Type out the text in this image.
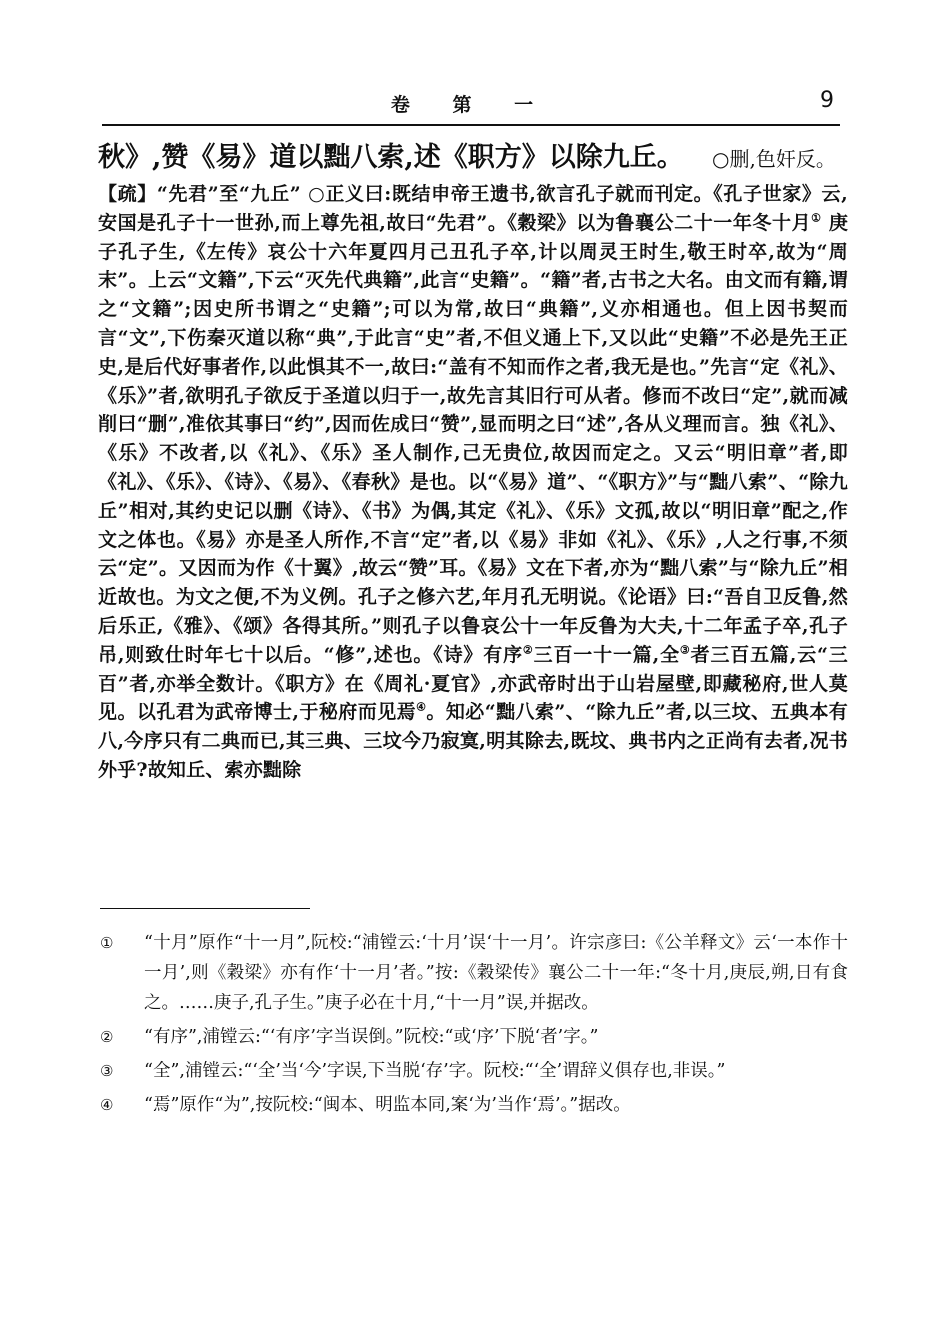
卷 第 一	9
秋》,赞《易》道以黜八索,述《职方》以除九丘。 ○删,色奸反。
【疏】“先君”至“九丘” ○正义曰:既结申帝王遗书,欲言孔子就而刊定。《孔子世家》云,安国是孔子十一世孙,而上尊先祖,故曰“先君”。《穀梁》以为鲁襄公二十一年冬十月① 庚子孔子生,《左传》哀公十六年夏四月己丑孔子卒,计以周灵王时生,敬王时卒,故为“周末”。上云“文籍”,下云“灭先代典籍”,此言“史籍”。“籍”者,古书之大名。由文而有籍,谓之“文籍”;因史所书谓之“史籍”;可以为常,故曰“典籍”,义亦相通也。但上因书契而言“文”,下伤秦灭道以称“典”,于此言“史”者,不但义通上下,又以此“史籍”不必是先王正史,是后代好事者作,以此惧其不一,故曰:“盖有不知而作之者,我无是也。”先言“定《礼》、《乐》”者,欲明孔子欲反于圣道以归于一,故先言其旧行可从者。修而不改曰“定”,就而减削曰“删”,准依其事曰“约”,因而佐成曰“赞”,显而明之曰“述”,各从义理而言。独《礼》、《乐》不改者,以《礼》、《乐》圣人制作,己无贵位,故因而定之。又云“明旧章”者,即《礼》、《乐》、《诗》、《易》、《春秋》是也。以“《易》道”、“《职方》”与“黜八索”、“除九丘”相对,其约史记以删《诗》、《书》为偶,其定《礼》、《乐》文孤,故以“明旧章”配之,作文之体也。《易》亦是圣人所作,不言“定”者,以《易》非如《礼》、《乐》,人之行事,不须云“定”。又因而为作《十翼》,故云“赞”耳。《易》文在下者,亦为“黜八索”与“除九丘”相近故也。为文之便,不为义例。孔子之修六艺,年月孔无明说。《论语》曰:“吾自卫反鲁,然后乐正,《雅》、《颂》各得其所。”则孔子以鲁哀公十一年反鲁为大夫,十二年孟子卒,孔子吊,则致仕时年七十以后。“修”,述也。《诗》有序②三百一十一篇,全③者三百五篇,云“三百”者,亦举全数计。《职方》在《周礼·夏官》,亦武帝时出于山岩屋壁,即藏秘府,世人莫见。以孔君为武帝博士,于秘府而见焉④。知必“黜八索”、“除九丘”者,以三坟、五典本有八,今序只有二典而已,其三典、三坟今乃寂寞,明其除去,既坟、典书内之正尚有去者,况书外乎?故知丘、索亦黜除
① “十月”原作“十一月”,阮校:“浦镗云:‘十月’误‘十一月’。许宗彦曰:《公羊释文》云‘一本作十一月’,则《穀梁》亦有作‘十一月’者。”按:《穀梁传》襄公二十一年:“冬十月,庚辰,朔,日有食之。……庚子,孔子生。”庚子必在十月,“十一月”误,并据改。
② “有序”,浦镗云:“‘有序’字当误倒。”阮校:“或‘序’下脱‘者’字。”
③ “全”,浦镗云:“‘全’当‘今’字误,下当脱‘存’字。阮校:“‘全’谓辞义俱存也,非误。”
④ “焉”原作“为”,按阮校:“闽本、明监本同,案‘为’当作‘焉’。”据改。
